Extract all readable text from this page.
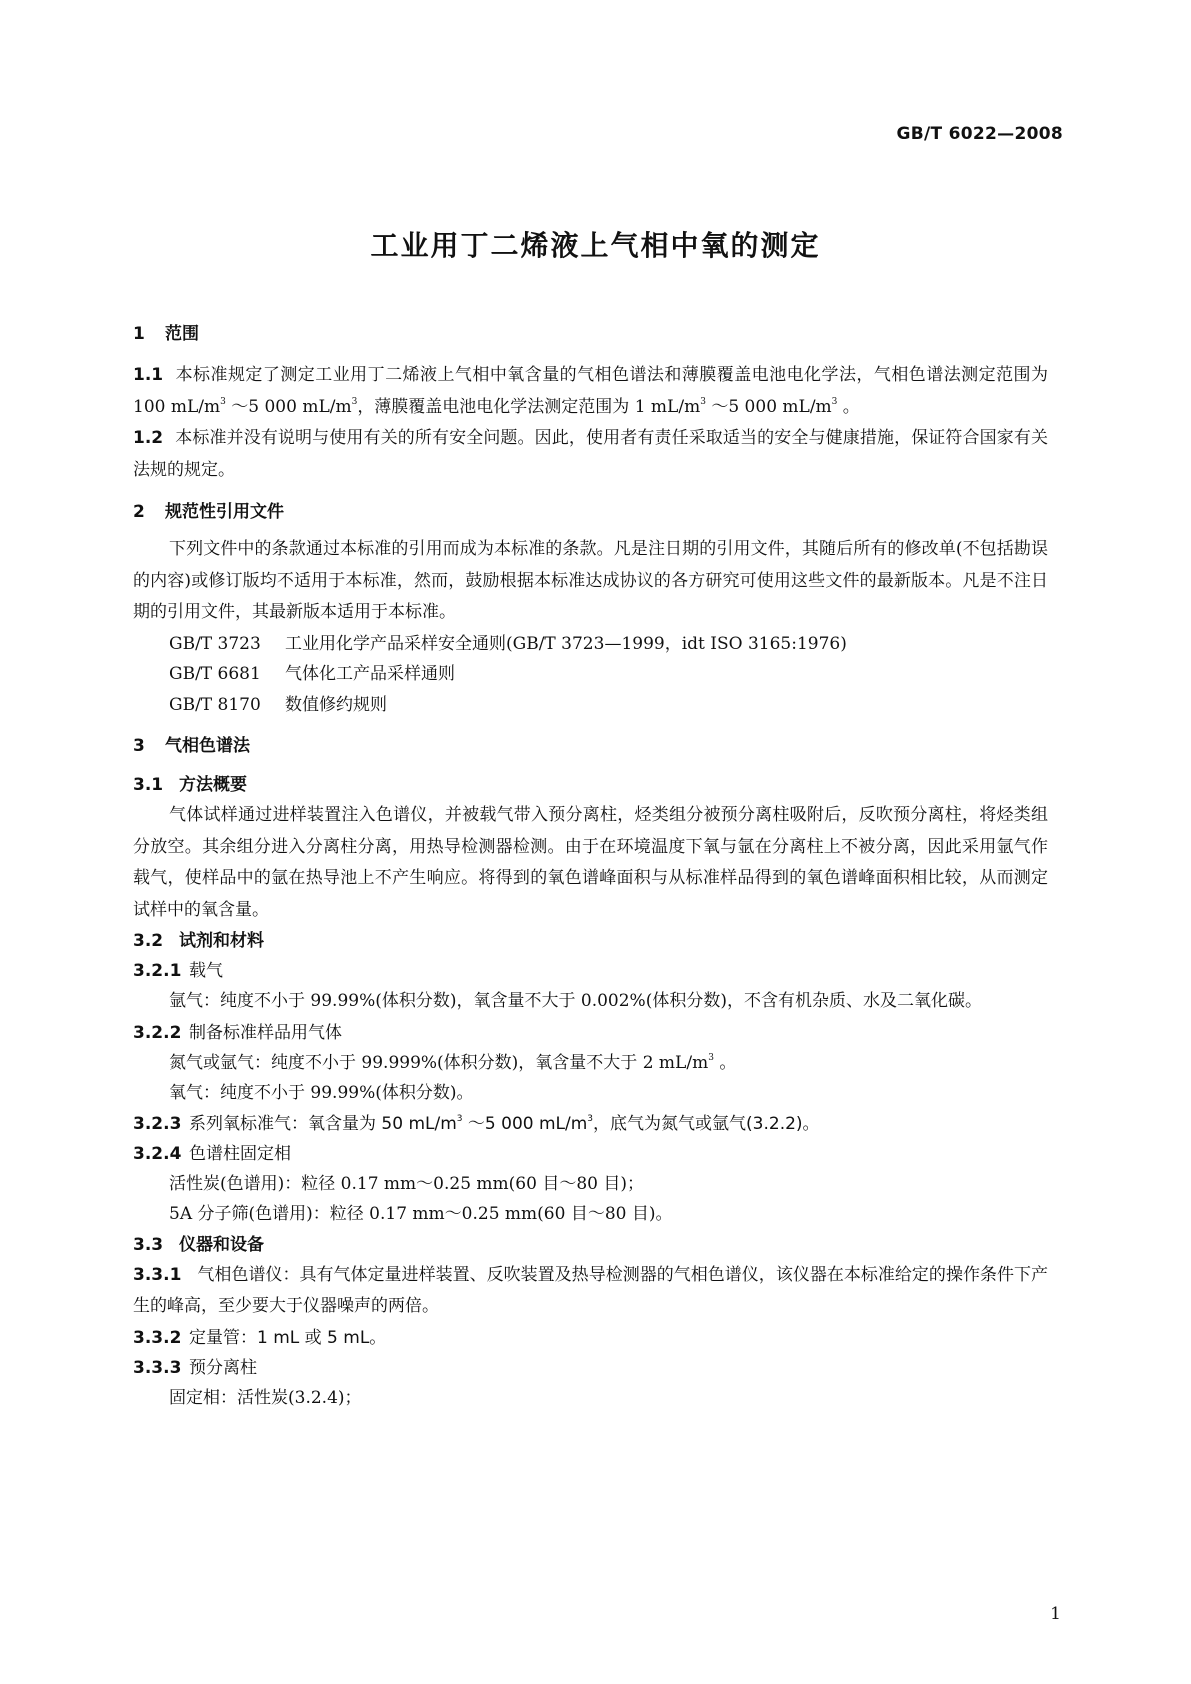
GB/T 6022—2008
工业用丁二烯液上气相中氧的测定
1 范围
1.1 本标准规定了测定工业用丁二烯液上气相中氧含量的气相色谱法和薄膜覆盖电池电化学法，气相色谱法测定范围为 100 $mL/m^3$ ～5 000 $mL/m^3$，薄膜覆盖电池电化学法测定范围为 1 $mL/m^3$ ～5 000 $mL/m^3$ 。
1.2 本标准并没有说明与使用有关的所有安全问题。因此，使用者有责任采取适当的安全与健康措施，保证符合国家有关法规的规定。
2 规范性引用文件
下列文件中的条款通过本标准的引用而成为本标准的条款。凡是注日期的引用文件，其随后所有的修改单(不包括勘误的内容)或修订版均不适用于本标准，然而，鼓励根据本标准达成协议的各方研究可使用这些文件的最新版本。凡是不注日期的引用文件，其最新版本适用于本标准。
GB/T 3723 工业用化学产品采样安全通则(GB/T 3723—1999，idt ISO 3165:1976)
GB/T 6681 气体化工产品采样通则
GB/T 8170 数值修约规则
3 气相色谱法
3.1 方法概要
气体试样通过进样装置注入色谱仪，并被载气带入预分离柱，烃类组分被预分离柱吸附后，反吹预分离柱，将烃类组分放空。其余组分进入分离柱分离，用热导检测器检测。由于在环境温度下氧与氩在分离柱上不被分离，因此采用氩气作载气，使样品中的氩在热导池上不产生响应。将得到的氧色谱峰面积与从标准样品得到的氧色谱峰面积相比较，从而测定试样中的氧含量。
3.2 试剂和材料
3.2.1 载气
氩气：纯度不小于 99.99%(体积分数)，氧含量不大于 0.002%(体积分数)，不含有机杂质、水及二氧化碳。
3.2.2 制备标准样品用气体
氮气或氩气：纯度不小于 99.999%(体积分数)，氧含量不大于 2 $mL/m^3$ 。
氧气：纯度不小于 99.99%(体积分数)。
3.2.3 系列氧标准气：氧含量为 50 $mL/m^3$ ～5 000 $mL/m^3$，底气为氮气或氩气(3.2.2)。
3.2.4 色谱柱固定相
活性炭(色谱用)：粒径 0.17 mm～0.25 mm(60 目～80 目)；
5A 分子筛(色谱用)：粒径 0.17 mm～0.25 mm(60 目～80 目)。
3.3 仪器和设备
3.3.1 气相色谱仪：具有气体定量进样装置、反吹装置及热导检测器的气相色谱仪，该仪器在本标准给定的操作条件下产生的峰高，至少要大于仪器噪声的两倍。
3.3.2 定量管：1 mL 或 5 mL。
3.3.3 预分离柱
固定相：活性炭(3.2.4)；
1
